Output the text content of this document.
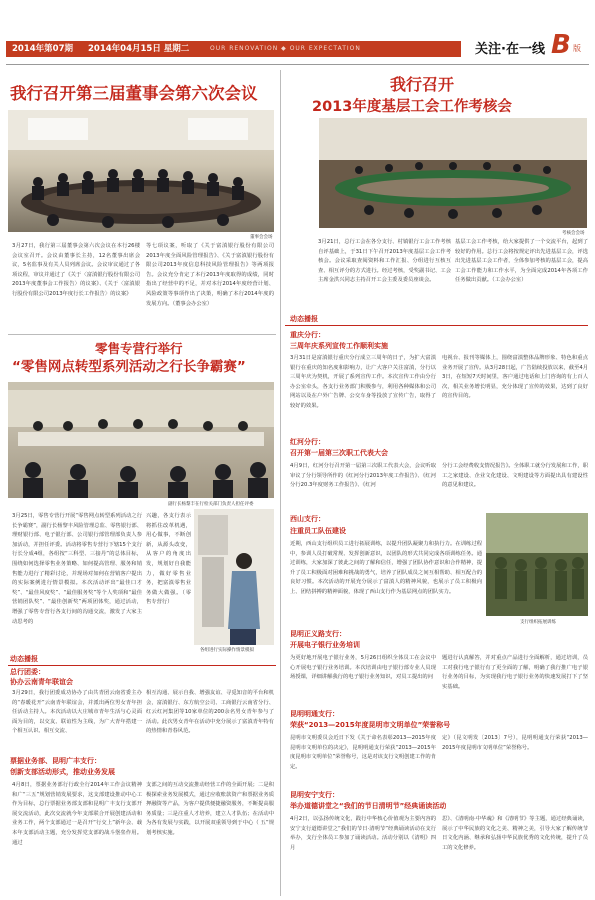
2014年第07期 2014年04月15日 星期二	OUR RENOVATION ◆ OUR EXPECTATION	关注·在一线 B 版
我行召开第三届董事会第六次会议
董事会会场
3月27日，我行第三届董事会第六次会议在本行26楼会议室召开。会议由董事长主持，12名董事出席会议，5名监事及有关人员列席会议。会议审议通过了各项议程，审议并通过了《关于〈富滇银行股份有限公司2013年度董事会工作报告〉的议案》、《关于〈富滇银行股份有限公司2013年度行长工作报告〉的议案》
等七项议案，听取了《关于富滇银行股份有限公司2013年度全面风险管理报告》、《关于富滇银行股份有限公司2013年度信息科技风险管理报告》等两项报告。会议充分肯定了本行2013年度取得的成绩，同时指出了经营中的不足，并对本行2014年度经营计划、风险政策等事项作出了决策，明确了本行2014年度的发展方向。（董事会办公室）
零售专营行举行
“零售网点转型系列活动之行长争霸赛”
副行长杨黎丰在行检关部门负责人担任评委
3月25日，零售专营行开展“零售网点转型系列活动之行长争霸赛”，副行长杨黎丰风险管理总监、零售银行部、理财银行部、电子银行部、公司银行部管理部负责人参加活动，并担任评委。活动将零售专营行下辖15个支行行长分成4组，各组按“三科型、三接丹”的总体目标，围绕如何选择零售业务策略、如何提高管理、服务和销售能力进行了精彩讨论，并现场对如何在营销客户提出的实际案例进行情景模拟。本次活动评出“最佳口才奖”、“最佳风度奖”、“最佳服务奖”等个人奖项和“最佳营销团队奖”、“最佳创新奖”两项团体奖，通过活动，增强了零售专营行各支行间的沟通交流，激发了大家主动思考的
兴趣，各支行表示将抓住改革机遇，用心做事，不断创新，从源头改变，从客户的角度出发，规划好自我能力，做好零售业务，把富滇零售业务做大做强。（零售专营行）
各组进行实际操作情景模拟
动态播报
总行团委：
协办云南青年联谊会
3月29日，我行团委成功协办了由共青团云南省委主办的“春暖花开”云南青年联谊会，并派出两位男女青年担任活动主持人。本次活动以大庄城市青年生活与心灵面面为目的，以交友、联谊性为主线，为广大青年搭建一个相互认识、相互交流、
相互沟通、展示自我、增强友谊、寻觅知音的平台和机会，富滇银行、东方航空公司、工商银行云南省分行、红云红河集团等10家单位的200余名男女青年参与了活动。此次男女青年在活动中充分展示了富滇青年特有的热情和青春风范。
票据业务部、昆明广丰支行：
创新支部活动形式，推动业务发展
4月8日，票据业务部行行政全行2014年工作会议精神和广“三五”规划营销发展要求，这支部建设推动中心工作为目标，总行票据业务部支部和昆明广丰支行支部开展交流活动，此次交流就今年支部联合开展创建活动和业务工作，两个支部通过一是召开“行交上”新年会、载本年支部活动主题，充分发挥党支部的战斗堡垒作用。通过
支部之间的互动交流推动经营工作的全面开展；二是积极探索业务发展模式，通过应收账款资产和票据业务质押融资等产品，为客户提供便捷融资服务，不断提高服务质量；三是注重人才培养，建立人才队伍；在活动中为各有发展与实践，以开展双重领导到于中心（ 五”规划考核实施。
我行召开
2013年度基层工会工作考核会
考核会会场
3月21日，总行工会在各分支行、村镇银行工会工作考核自评基础上，于31日下午召开2013年度基层工会工作考核会。会议采取查阅资料和工作汇报、分组进行互核互查、相互评分的方式进行。经过考核，受奖副书记、工会主席金洪兴同志主持召开工会主委及委员座谈会。
基层工会工作考核，给大家提供了一个交流平台，起到了较好的作用。总行工会将按规定评出先进基层工会，评选出先进基层工会工作者，全体参加考核的基层工会，提高工会工作能力和工作水平，为全面完成2014年各项工作任务做出贡献。（工会办公室）
动态播报
重庆分行：
三周年庆系列宣传工作顺利实施
3月31日是富滇银行重庆分行成立三周年的日子，为扩大富滇银行在重庆的知名度和影响力，让广大客户关注富滇，分行以三周年庆为契机，开展了系列宣传工作。本次宣传工作由分行办公室牵头，各支行业务部门积极参与，利用各种媒体和公司网站以及在户外广告牌、公交车身等投放了宣传广告，取得了较好的效果。
电视台、报刊等媒体上，围绕富滇整体品牌形象、特色和重点业务开展了宣传。从3月28日起，广告陆续投放以来，截至4月3日，在短短7天时间里，客户通过电话和上门咨询的有上百人次，相关业务增长明显，充分体现了宣传的效果，达到了良好的宣传目的。
红河分行：
召开第一届第三次职工代表大会
4月9日，红河分行召开第一届第三次职工代表大会，会议听取审议了分行领导所作的《红河分行2013年度工作报告》、《红河分行20.3年度财务工作报告》、《红河
分行工会经费收支情况报告》。全体职工就分行发展和工作，职工之家建设、企业文化建设、文明建设等方面提出具有建设性的意见和建议。
西山支行：
注重员工队伍建设
近期，西山支行组织员工进行拓展训练，以提升团队凝聚力和执行力。在训练过程中，参训人员打破常规、发挥创新意识，以团队的形式共同完成各项训练任务。通过训练，大家加深了彼此之间的了解和信任，增强了团队协作意识和合作精神，提升了员工积极面对困难和挑战的勇气，培养了团队成员之间互相帮助、相互配合的良好习惯。本次活动的开展充分展示了富滇人的精神风貌，也展示了员工积极向上、团结拼搏的精神面貌，体现了西山支行作为基层网点的团队实力。
支行组织拓展训练
昆明正义路支行：
开展电子银行业务培训
为更好地开展电子银行业务，5月26日组织全体员工在会议中心开展电子银行业务培训。本次培训由电子银行部专业人员现场授课，详细讲解我行的电子银行业务知识，对员工提出的问
题进行认真解答，并对重点产品进行全面解析，通过培训，员工对我行电子银行有了更全面的了解，明确了我行推广电子银行业务的目标，为实现我行电子银行业务的快速发展打下了坚实基础。
昆明明通支行：
荣获“2013—2015年度昆明市文明单位”荣誉称号
昆明市文明委员会近日下发《关于命名表彰2013—2015年度昆明市文明单位的决定》，昆明明通支行荣获“2013—2015年度昆明市文明单位”荣誉称号，这是对该支行文明创建工作的肯定。
定》（昆文明发〔2013〕7号），昆明明通支行荣获“2013—2015年度昆明市文明单位”荣誉称号。
昆明安宁支行：
举办道德讲堂之“我们的节日清明节”经典诵读活动
4月2日，以弘扬传统文化，践行中华核心价值观为主要内容的安宁支行道德讲堂之“我们的节日·清明节”经典诵读活动在支行举办，支行全体员工参加了诵读活动。活动分别以《清明》四月
思》、《清明南·中华魂》和《清明节》等主题，通过经典诵读，展示了中华民族的文化之美、精神之美，引导大家了解传统节日文化内涵、继承和弘扬中华民族优秀的文化传统，提升了员工的文化修养。
